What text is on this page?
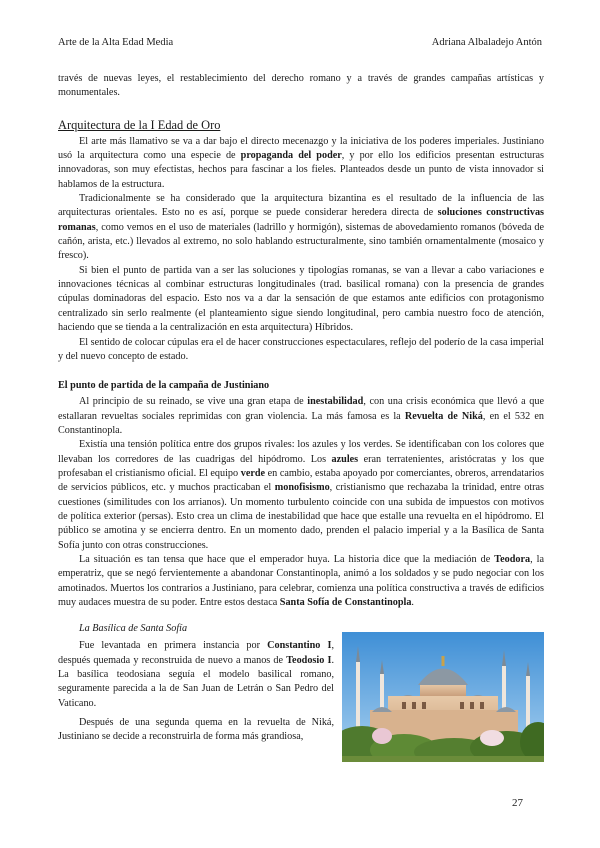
Arte de la Alta Edad Media	Adriana Albaladejo Antón

través de nuevas leyes, el restablecimiento del derecho romano y a través de grandes campañas artísticas y monumentales.

Arquitectura de la I Edad de Oro

El arte más llamativo se va a dar bajo el directo mecenazgo y la iniciativa de los poderes imperiales. Justiniano usó la arquitectura como una especie de propaganda del poder, y por ello los edificios presentan estructuras innovadoras, son muy efectistas, hechos para fascinar a los fieles. Planteados desde un punto de vista innovador si hablamos de la estructura.

Tradicionalmente se ha considerado que la arquitectura bizantina es el resultado de la influencia de las arquitecturas orientales. Esto no es así, porque se puede considerar heredera directa de soluciones constructivas romanas, como vemos en el uso de materiales (ladrillo y hormigón), sistemas de abovedamiento romanos (bóveda de cañón, arista, etc.) llevados al extremo, no solo hablando estructuralmente, sino también ornamentalmente (mosaico y fresco).

Si bien el punto de partida van a ser las soluciones y tipologías romanas, se van a llevar a cabo variaciones e innovaciones técnicas al combinar estructuras longitudinales (trad. basilical romana) con la presencia de grandes cúpulas dominadoras del espacio. Esto nos va a dar la sensación de que estamos ante edificios con protagonismo centralizado sin serlo realmente (el planteamiento sigue siendo longitudinal, pero cambia nuestro foco de atención, haciendo que se tienda a la centralización en esta arquitectura) Híbridos.

El sentido de colocar cúpulas era el de hacer construcciones espectaculares, reflejo del poderío de la casa imperial y del nuevo concepto de estado.

El punto de partida de la campaña de Justiniano

Al principio de su reinado, se vive una gran etapa de inestabilidad, con una crisis económica que llevó a que estallaran revueltas sociales reprimidas con gran violencia. La más famosa es la Revuelta de Niká, en el 532 en Constantinopla.

Existía una tensión política entre dos grupos rivales: los azules y los verdes. Se identificaban con los colores que llevaban los corredores de las cuadrigas del hipódromo. Los azules eran terratenientes, aristócratas y los que profesaban el cristianismo oficial. El equipo verde en cambio, estaba apoyado por comerciantes, obreros, arrendatarios de servicios públicos, etc. y muchos practicaban el monofisismo, cristianismo que rechazaba la trinidad, entre otras cuestiones (similitudes con los arrianos). Un momento turbulento coincide con una subida de impuestos con motivos de política exterior (persas). Esto crea un clima de inestabilidad que hace que estalle una revuelta en el hipódromo. El público se amotina y se encierra dentro. En un momento dado, prenden el palacio imperial y a la Basílica de Santa Sofía junto con otras construcciones.

La situación es tan tensa que hace que el emperador huya. La historia dice que la mediación de Teodora, la emperatriz, que se negó fervientemente a abandonar Constantinopla, animó a los soldados y se pudo negociar con los amotinados. Muertos los contrarios a Justiniano, para celebrar, comienza una política constructiva a través de edificios muy audaces muestra de su poder. Entre estos destaca Santa Sofía de Constantinopla.

La Basílica de Santa Sofía

Fue levantada en primera instancia por Constantino I, después quemada y reconstruida de nuevo a manos de Teodosio I. La basílica teodosiana seguía el modelo basilical romano, seguramente parecida a la de San Juan de Letrán o San Pedro del Vaticano.

Después de una segunda quema en la revuelta de Niká, Justiniano se decide a reconstruirla de forma más grandiosa,

27
